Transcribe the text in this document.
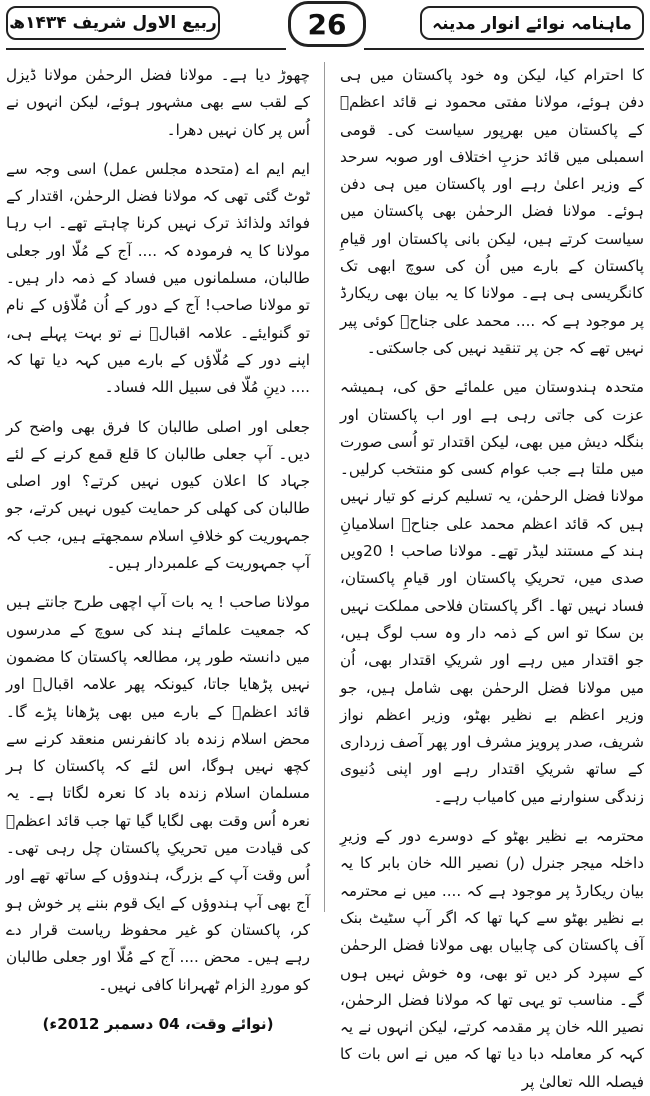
ماہنامہ نوائے انوار مدینہ
26
ربیع الاول شریف ۱۴۳۴ھ

کا احترام کیا، لیکن وہ خود پاکستان میں ہی دفن ہوئے، مولانا مفتی محمود نے قائد اعظمؒ کے پاکستان میں بھرپور سیاست کی۔ قومی اسمبلی میں قائد حزبِ اختلاف اور صوبہ سرحد کے وزیر اعلیٰ رہے اور پاکستان میں ہی دفن ہوئے۔ مولانا فضل الرحمٰن بھی پاکستان میں سیاست کرتے ہیں، لیکن بانی پاکستان اور قیامِ پاکستان کے بارے میں اُن کی سوچ ابھی تک کانگریسی ہی ہے۔ مولانا کا یہ بیان بھی ریکارڈ پر موجود ہے کہ .... محمد علی جناحؒ کوئی پیر نہیں تھے کہ جن پر تنقید نہیں کی جاسکتی۔

متحدہ ہندوستان میں علمائے حق کی، ہمیشہ عزت کی جاتی رہی ہے اور اب پاکستان اور بنگلہ دیش میں بھی، لیکن اقتدار تو اُسی صورت میں ملتا ہے جب عوام کسی کو منتخب کرلیں۔ مولانا فضل الرحمٰن، یہ تسلیم کرنے کو تیار نہیں ہیں کہ قائد اعظم محمد علی جناحؒ اسلامیانِ ہند کے مستند لیڈر تھے۔ مولانا صاحب ! 20ویں صدی میں، تحریکِ پاکستان اور قیامِ پاکستان، فساد نہیں تھا۔ اگر پاکستان فلاحی مملکت نہیں بن سکا تو اس کے ذمہ دار وہ سب لوگ ہیں، جو اقتدار میں رہے اور شریکِ اقتدار بھی، اُن میں مولانا فضل الرحمٰن بھی شامل ہیں، جو وزیر اعظم بے نظیر بھٹو، وزیر اعظم نواز شریف، صدر پرویز مشرف اور پھر آصف زرداری کے ساتھ شریکِ اقتدار رہے اور اپنی دُنیوی زندگی سنوارنے میں کامیاب رہے۔

محترمہ بے نظیر بھٹو کے دوسرے دور کے وزیرِ داخلہ میجر جنرل (ر) نصیر اللہ خان بابر کا یہ بیان ریکارڈ پر موجود ہے کہ .... میں نے محترمہ بے نظیر بھٹو سے کہا تھا کہ اگر آپ سٹیٹ بنک آف پاکستان کی چابیاں بھی مولانا فضل الرحمٰن کے سپرد کر دیں تو بھی، وہ خوش نہیں ہوں گے۔ مناسب تو یہی تھا کہ مولانا فضل الرحمٰن، نصیر اللہ خان پر مقدمہ کرتے، لیکن انہوں نے یہ کہہ کر معاملہ دبا دیا تھا کہ میں نے اس بات کا فیصلہ اللہ تعالیٰ پر

چھوڑ دیا ہے۔ مولانا فضل الرحمٰن مولانا ڈیزل کے لقب سے بھی مشہور ہوئے، لیکن انہوں نے اُس پر کان نہیں دھرا۔

ایم ایم اے (متحدہ مجلس عمل) اسی وجہ سے ٹوٹ گئی تھی کہ مولانا فضل الرحمٰن، اقتدار کے فوائد ولذائذ ترک نہیں کرنا چاہتے تھے۔ اب رہا مولانا کا یہ فرمودہ کہ .... آج کے مُلّا اور جعلی طالبان، مسلمانوں میں فساد کے ذمہ دار ہیں۔ تو مولانا صاحب! آج کے دور کے اُن مُلّاؤں کے نام تو گنوایئے۔ علامہ اقبالؒ نے تو بہت پہلے ہی، اپنے دور کے مُلّاؤں کے بارے میں کہہ دیا تھا کہ .... دینِ مُلّا فی سبیل اللہ فساد۔

جعلی اور اصلی طالبان کا فرق بھی واضح کر دیں۔ آپ جعلی طالبان کا قلع قمع کرنے کے لئے جہاد کا اعلان کیوں نہیں کرتے؟ اور اصلی طالبان کی کھلی کر حمایت کیوں نہیں کرتے، جو جمہوریت کو خلافِ اسلام سمجھتے ہیں، جب کہ آپ جمہوریت کے علمبردار ہیں۔

مولانا صاحب ! یہ بات آپ اچھی طرح جانتے ہیں کہ جمعیت علمائے ہند کی سوچ کے مدرسوں میں دانستہ طور پر، مطالعہ پاکستان کا مضمون نہیں پڑھایا جاتا، کیونکہ پھر علامہ اقبالؒ اور قائد اعظمؒ کے بارے میں بھی پڑھانا پڑے گا۔ محض اسلام زندہ باد کانفرنس منعقد کرنے سے کچھ نہیں ہوگا، اس لئے کہ پاکستان کا ہر مسلمان اسلام زندہ باد کا نعرہ لگاتا ہے۔ یہ نعرہ اُس وقت بھی لگایا گیا تھا جب قائد اعظمؒ کی قیادت میں تحریکِ پاکستان چل رہی تھی۔ اُس وقت آپ کے بزرگ، ہندوؤں کے ساتھ تھے اور آج بھی آپ ہندوؤں کے ایک قوم بننے پر خوش ہو کر، پاکستان کو غیر محفوظ ریاست قرار دے رہے ہیں۔ محض .... آج کے مُلّا اور جعلی طالبان کو موردِ الزام ٹھہرانا کافی نہیں۔

(نوائے وقت، 04 دسمبر 2012ء)
